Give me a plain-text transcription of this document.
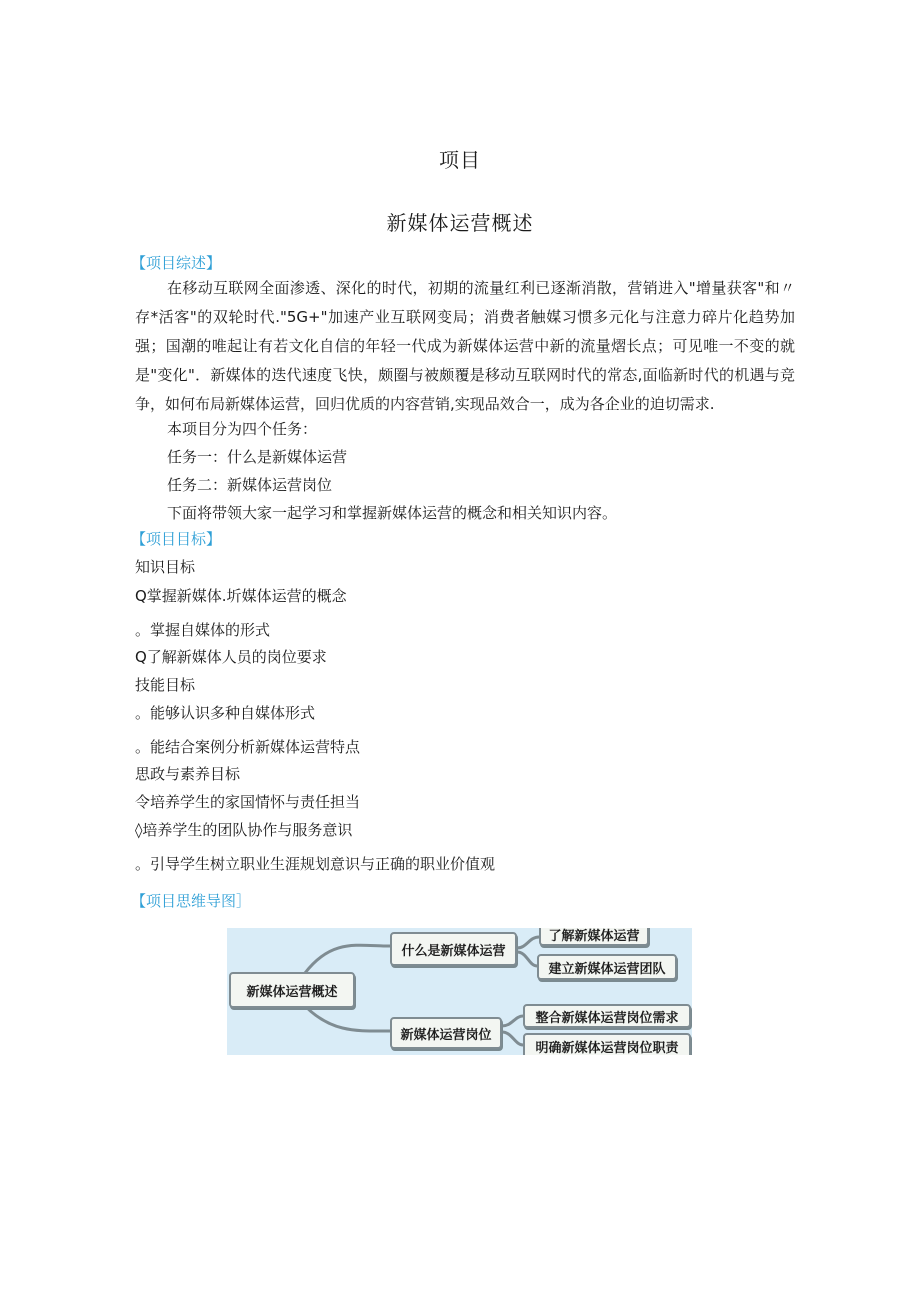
项目
新媒体运营概述
【项目综述】
在移动互联网全面渗透、深化的时代，初期的流量红利已逐渐消散，营销进入"增量获客"和〃存*活客"的双轮时代."5G+"加速产业互联网变局；消费者触媒习惯多元化与注意力碎片化趋势加强；国潮的唯起让有若文化自信的年轻一代成为新媒体运营中新的流量熠长点；可见唯一不变的就是"变化"．新媒体的迭代速度飞快，颇圈与被颇覆是移动互联网时代的常态,面临新时代的机遇与竞争，如何布局新媒体运营，回归优质的内容营销,实现品效合一，成为各企业的迫切需求.
本项目分为四个任务：
任务一：什么是新媒体运营
任务二：新媒体运营岗位
下面将带领大家一起学习和掌握新媒体运营的概念和相关知识内容。
【项目目标】
知识目标
Q掌握新媒体.圻媒体运营的概念
。掌握自媒体的形式
Q了解新媒体人员的岗位要求
技能目标
。能够认识多种自媒体形式
。能结合案例分析新媒体运营特点
思政与素养目标
令培养学生的家国情怀与责任担当
◊培养学生的团队协作与服务意识
。引导学生树立职业生涯规划意识与正确的职业价值观
【项目思维导图］
新媒体运营概述
什么是新媒体运营
了解新媒体运营
建立新媒体运营团队
新媒体运营岗位
整合新媒体运营岗位需求
明确新媒体运营岗位职责
